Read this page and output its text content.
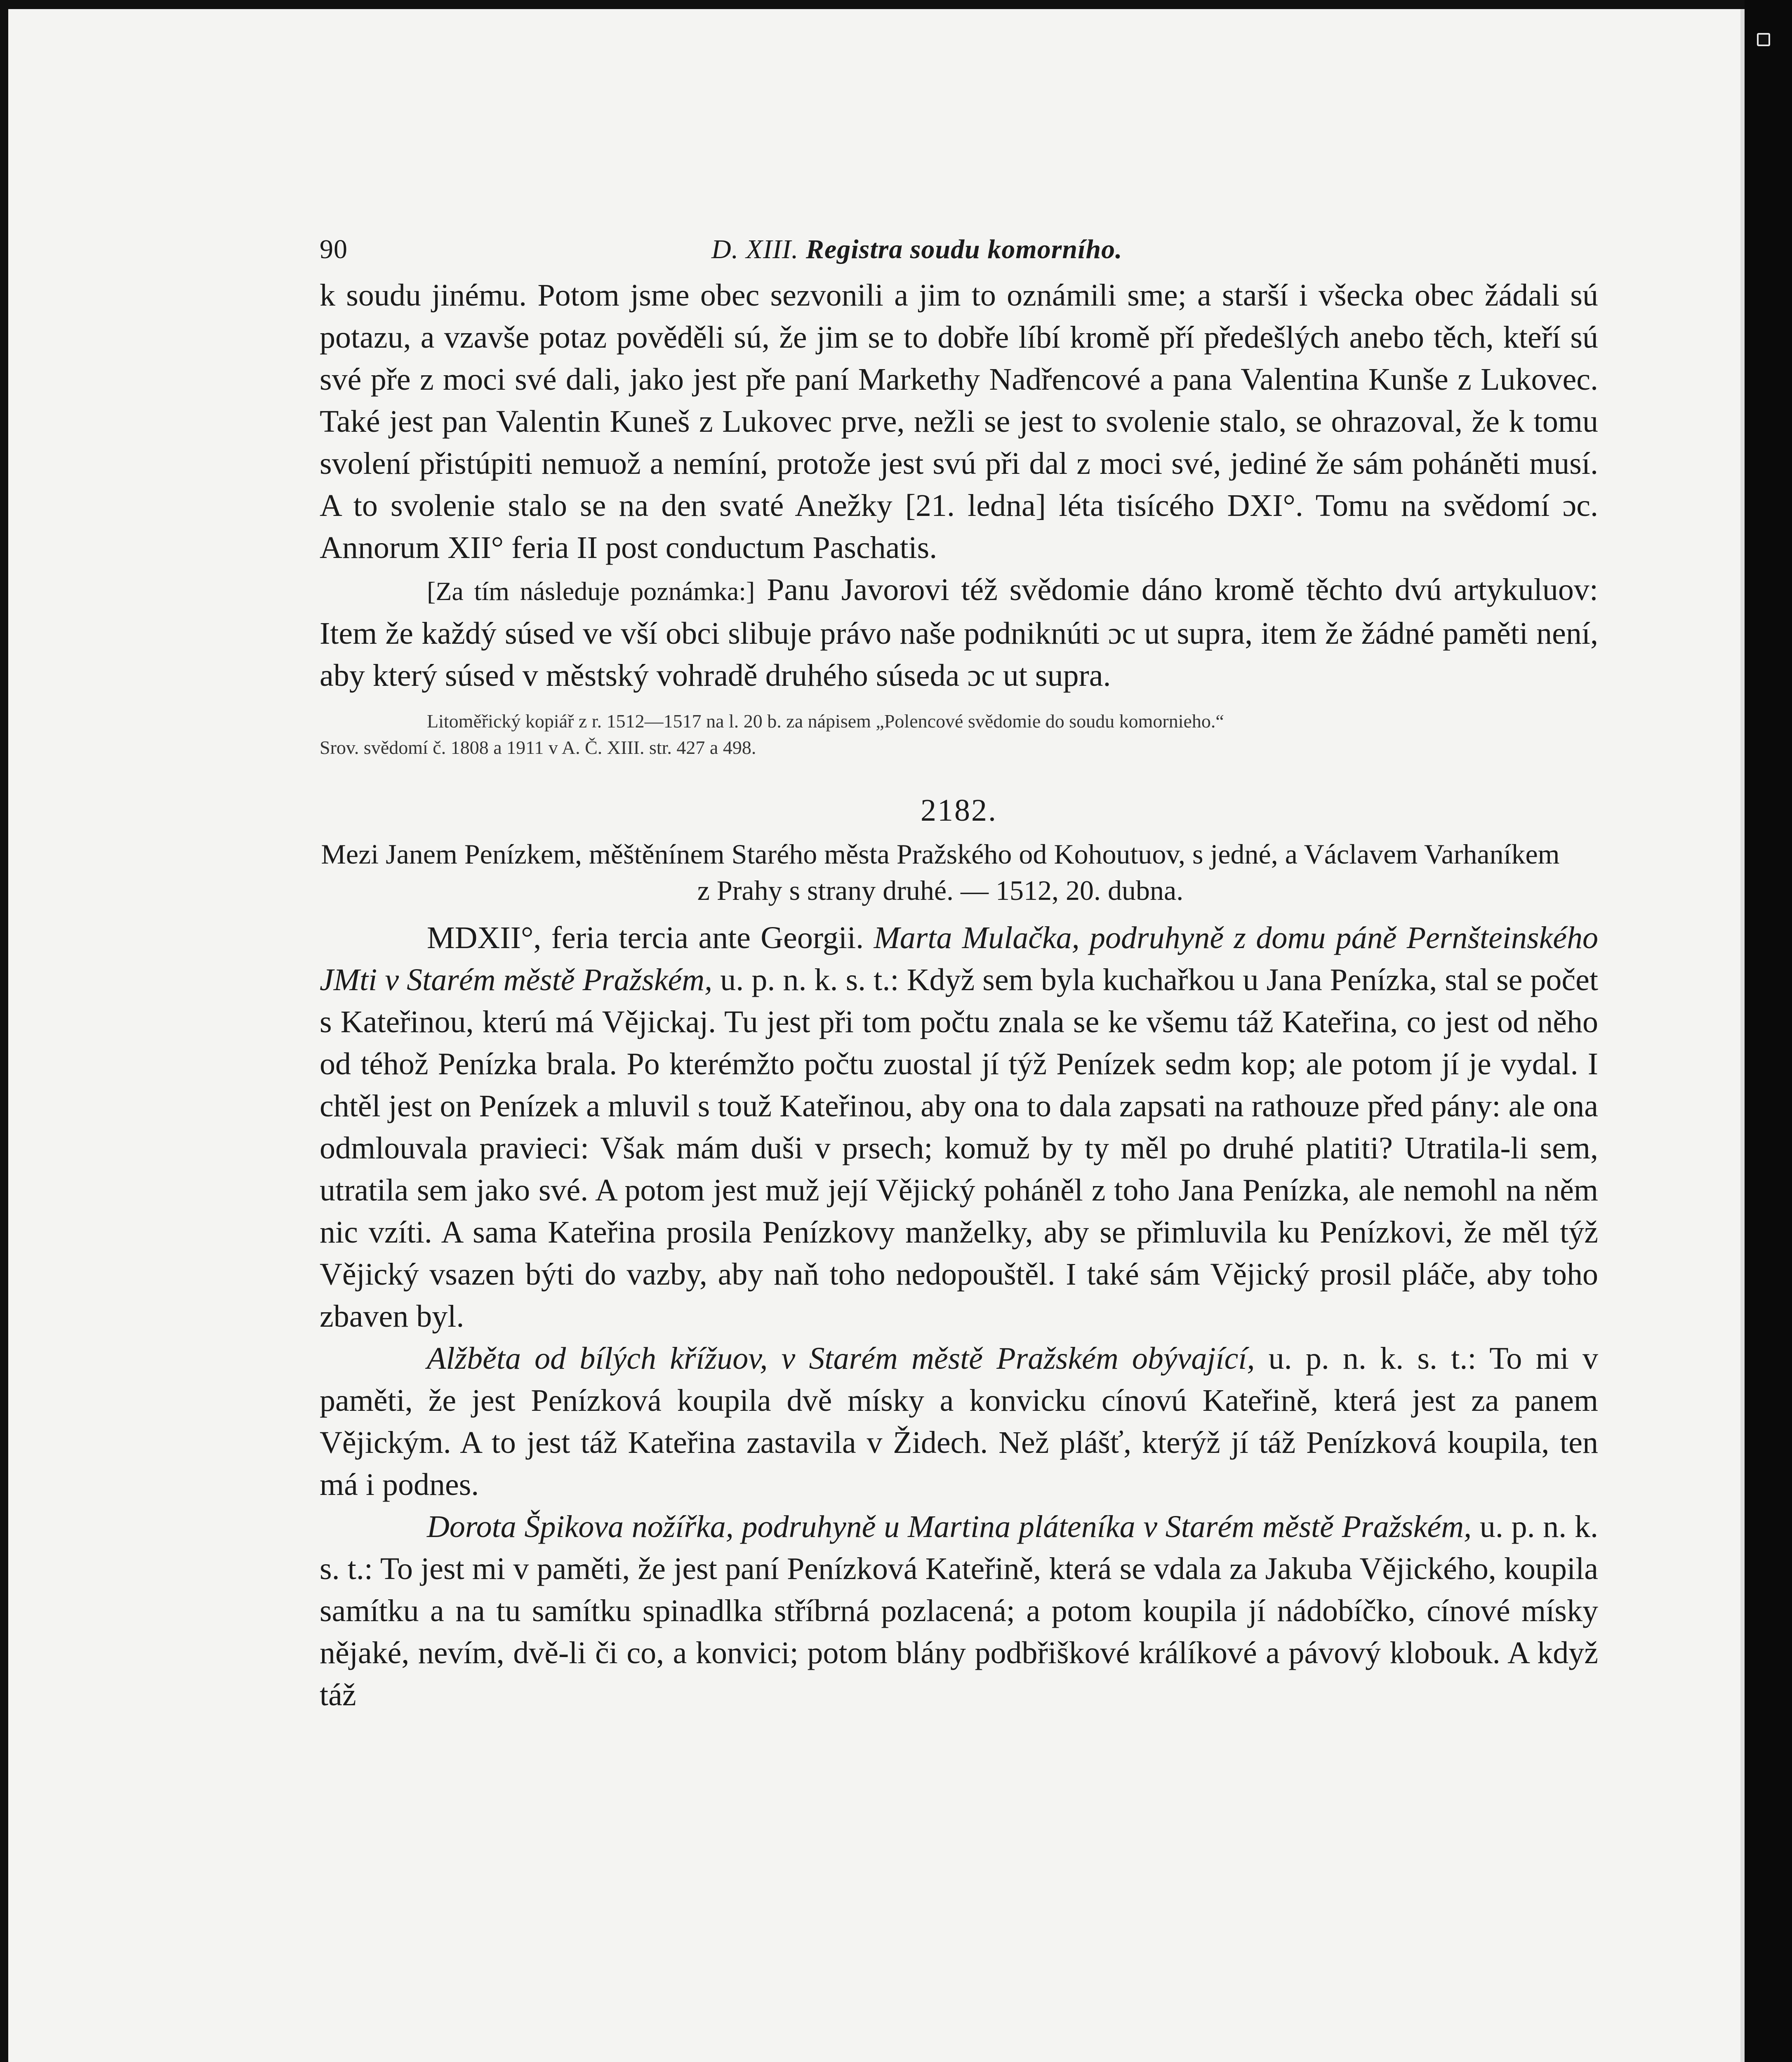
90	D. XIII. Registra soudu komorního.

k soudu jinému. Potom jsme obec sezvonili a jim to oznámili sme; a starší i všecka obec žádali sú potazu, a vzavše potaz pověděli sú, že jim se to dobře líbí kromě pří předešlých anebo těch, kteří sú své pře z moci své dali, jako jest pře paní Markethy Nadřencové a pana Valentina Kunše z Lukovec. Také jest pan Valentin Kuneš z Lukovec prve, nežli se jest to svolenie stalo, se ohrazoval, že k tomu svolení přistúpiti nemuož a nemíní, protože jest svú při dal z moci své, jediné že sám poháněti musí. A to svolenie stalo se na den svaté Anežky [21. ledna] léta tisícého DXI°. Tomu na svědomí ɔc. Annorum XII° feria II post conductum Paschatis.

[Za tím následuje poznámka:] Panu Javorovi též svědomie dáno kromě těchto dvú artykuluov: Item že každý súsed ve vší obci slibuje právo naše podniknúti ɔc ut supra, item že žádné paměti není, aby který súsed v městský vohradě druhého súseda ɔc ut supra.

Litoměřický kopiář z r. 1512—1517 na l. 20 b. za nápisem „Polencové svědomie do soudu komornieho.“
Srov. svědomí č. 1808 a 1911 v A. Č. XIII. str. 427 a 498.
2182.
Mezi Janem Penízkem, měštěnínem Starého města Pražského od Kohoutuov, s jedné, a Václavem Varhaníkem z Prahy s strany druhé. — 1512, 20. dubna.

MDXII°, feria tercia ante Georgii. Marta Mulačka, podruhyně z domu páně Pernšteinského JMti v Starém městě Pražském, u. p. n. k. s. t.: Když sem byla kuchařkou u Jana Penízka, stal se počet s Kateřinou, kterú má Vějickaj. Tu jest při tom počtu znala se ke všemu táž Kateřina, co jest od něho od téhož Penízka brala. Po kterémžto počtu zuostal jí týž Penízek sedm kop; ale potom jí je vydal. I chtěl jest on Penízek a mluvil s touž Kateřinou, aby ona to dala zapsati na rathouze před pány: ale ona odmlouvala pravieci: Však mám duši v prsech; komuž by ty měl po druhé platiti? Utratila-li sem, utratila sem jako své. A potom jest muž její Vějický poháněl z toho Jana Penízka, ale nemohl na něm nic vzíti. A sama Kateřina prosila Penízkovy manželky, aby se přimluvila ku Penízkovi, že měl týž Vějický vsazen býti do vazby, aby naň toho nedopouštěl. I také sám Vějický prosil pláče, aby toho zbaven byl.

Alžběta od bílých křížuov, v Starém městě Pražském obývající, u. p. n. k. s. t.: To mi v paměti, že jest Penízková koupila dvě mísky a konvicku cínovú Kateřině, která jest za panem Vějickým. A to jest táž Kateřina zastavila v Židech. Než plášť, kterýž jí táž Penízková koupila, ten má i podnes.

Dorota Špikova nožířka, podruhyně u Martina pláteníka v Starém městě Pražském, u. p. n. k. s. t.: To jest mi v paměti, že jest paní Penízková Kateřině, která se vdala za Jakuba Vějického, koupila samítku a na tu samítku spinadlka stříbrná pozlacená; a potom koupila jí nádobíčko, cínové mísky nějaké, nevím, dvě-li či co, a konvici; potom blány podbřiškové králíkové a pávový klobouk. A když táž
